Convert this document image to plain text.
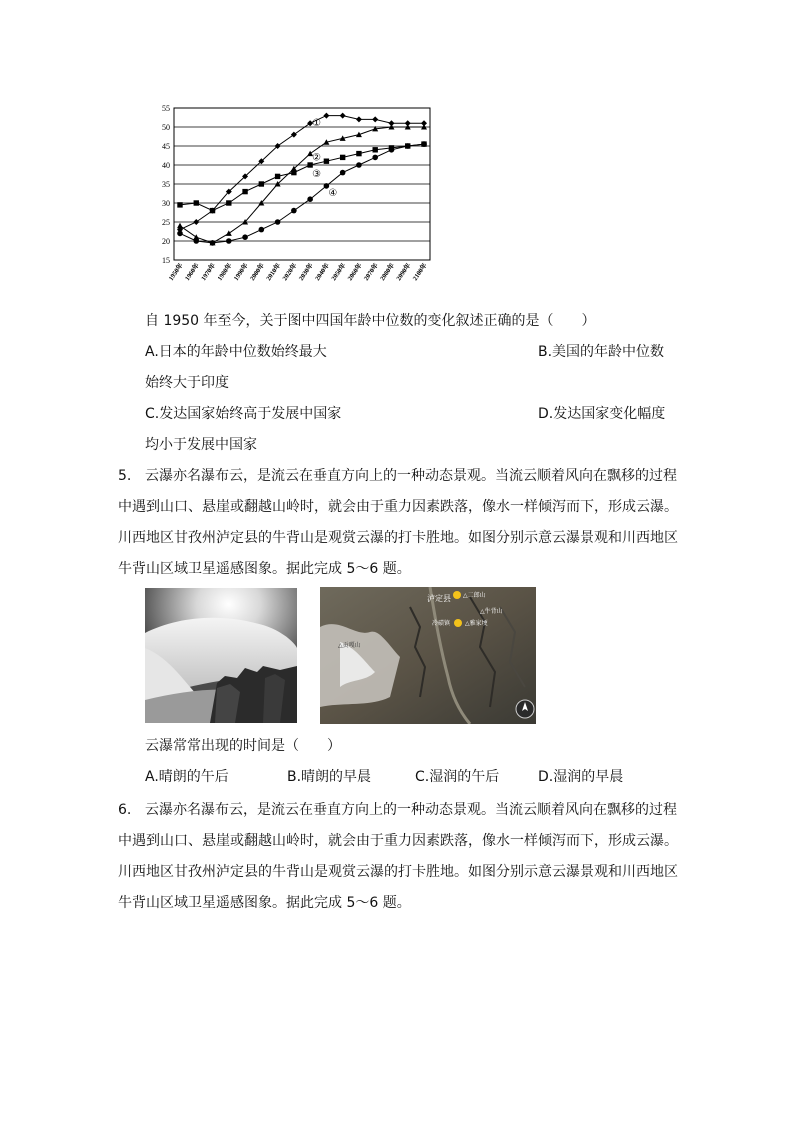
15
20
25
30
35
40
45
50
55
1950年 1960年 1970年 1980年 1990年 2000年 2010年 2020年 2030年 2040年 2050年 2060年 2070年 2080年 2090年 2100年
①
②
③
④
自 1950 年至今，关于图中四国年龄中位数的变化叙述正确的是（　　）
A.日本的年龄中位数始终最大	B.美国的年龄中位数
始终大于印度
C.发达国家始终高于发展中国家	D.发达国家变化幅度
均小于发展中国家
5. 云瀑亦名瀑布云，是流云在垂直方向上的一种动态景观。当流云顺着风向在飘移的过程
中遇到山口、悬崖或翻越山岭时，就会由于重力因素跌落，像水一样倾泻而下，形成云瀑。
川西地区甘孜州泸定县的牛背山是观赏云瀑的打卡胜地。如图分别示意云瀑景观和川西地区
牛背山区域卫星遥感图象。据此完成 5～6 题。
泸定县 △二郎山
△牛背山
冷碛镇 △雅家埂
△贡嘎山
云瀑常常出现的时间是（　　）
A.晴朗的午后	B.晴朗的早晨	C.湿润的午后	D.湿润的早晨
6. 云瀑亦名瀑布云，是流云在垂直方向上的一种动态景观。当流云顺着风向在飘移的过程
中遇到山口、悬崖或翻越山岭时，就会由于重力因素跌落，像水一样倾泻而下，形成云瀑。
川西地区甘孜州泸定县的牛背山是观赏云瀑的打卡胜地。如图分别示意云瀑景观和川西地区
牛背山区域卫星遥感图象。据此完成 5～6 题。
